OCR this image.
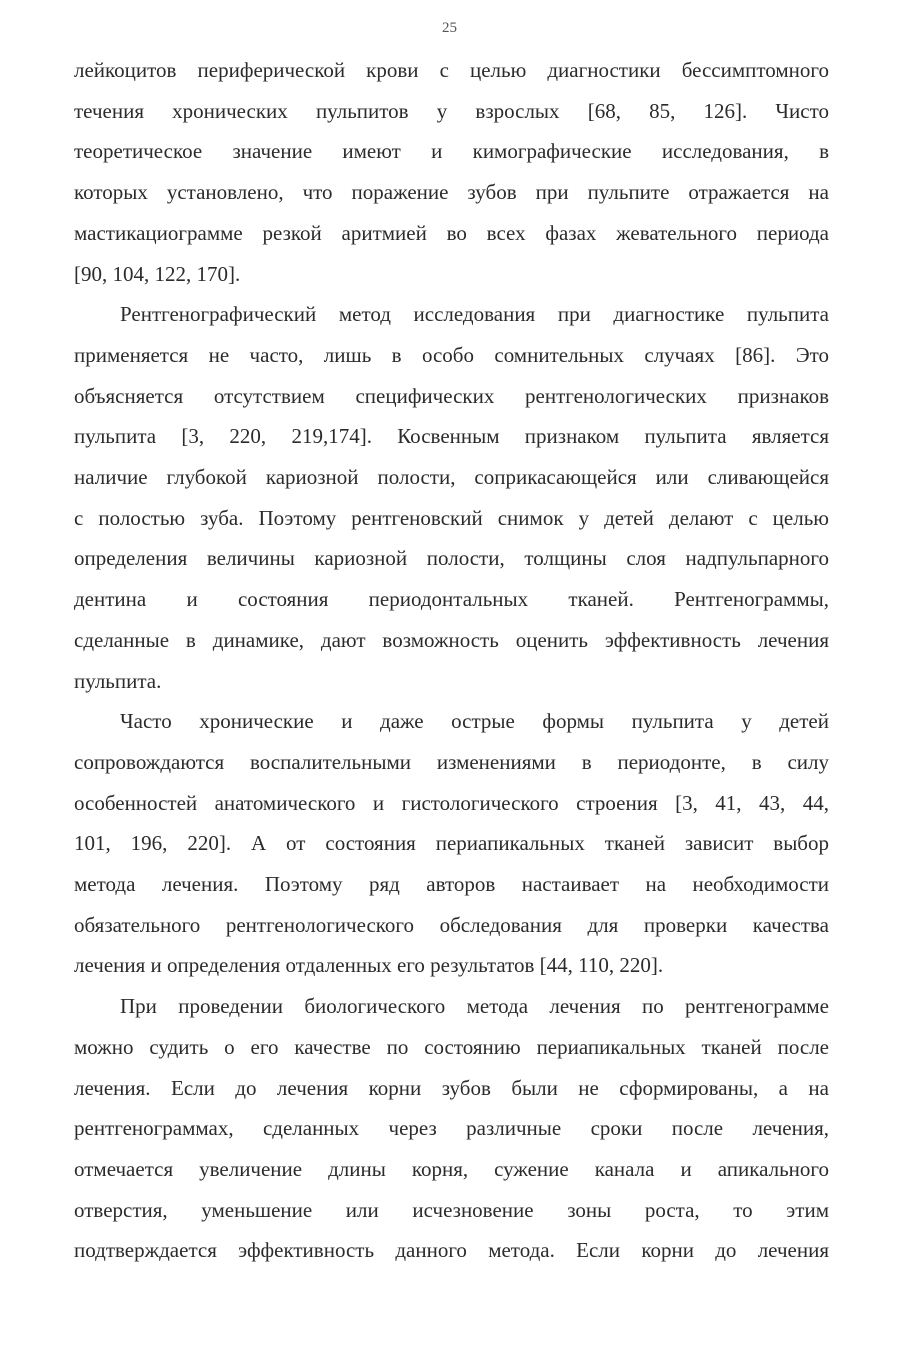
25

лейкоцитов периферической крови с целью диагностики бессимптомного
течения хронических пульпитов у взрослых [68, 85, 126]. Чисто
теоретическое значение имеют и кимографические исследования, в
которых установлено, что поражение зубов при пульпите отражается на
мастикациограмме резкой аритмией во всех фазах жевательного периода
[90, 104, 122, 170].

Рентгенографический метод исследования при диагностике пульпита
применяется не часто, лишь в особо сомнительных случаях [86]. Это
объясняется отсутствием специфических рентгенологических признаков
пульпита [3, 220, 219,174]. Косвенным признаком пульпита является
наличие глубокой кариозной полости, соприкасающейся или сливающейся
с полостью зуба. Поэтому рентгеновский снимок у детей делают с целью
определения величины кариозной полости, толщины слоя надпульпарного
дентина и состояния периодонтальных тканей. Рентгенограммы,
сделанные в динамике, дают возможность оценить эффективность лечения
пульпита.

Часто хронические и даже острые формы пульпита у детей
сопровождаются воспалительными изменениями в периодонте, в силу
особенностей анатомического и гистологического строения [3, 41, 43, 44,
101, 196, 220]. А от состояния периапикальных тканей зависит выбор
метода лечения. Поэтому ряд авторов настаивает на необходимости
обязательного рентгенологического обследования для проверки качества
лечения и определения отдаленных его результатов [44, 110, 220].

При проведении биологического метода лечения по рентгенограмме
можно судить о его качестве по состоянию периапикальных тканей после
лечения. Если до лечения корни зубов были не сформированы, а на
рентгенограммах, сделанных через различные сроки после лечения,
отмечается увеличение длины корня, сужение канала и апикального
отверстия, уменьшение или исчезновение зоны роста, то этим
подтверждается эффективность данного метода. Если корни до лечения
